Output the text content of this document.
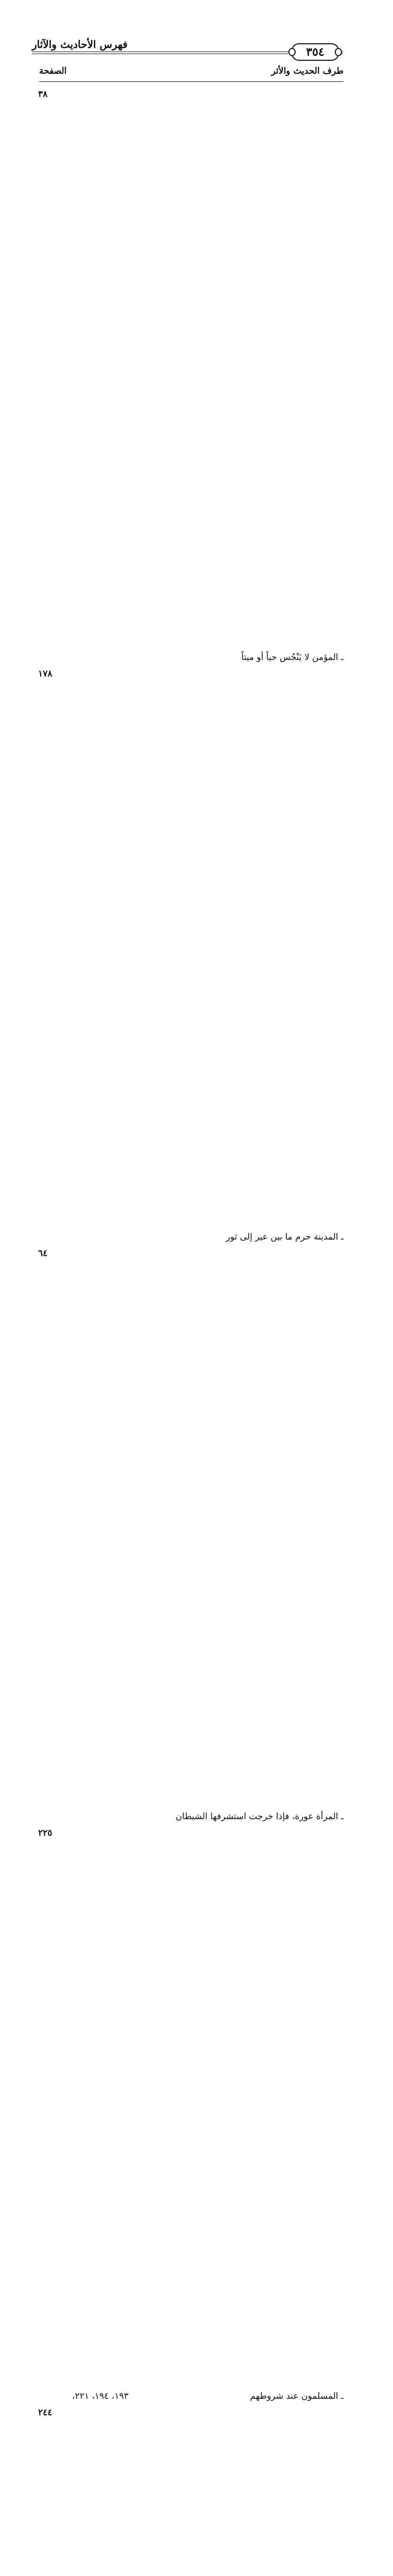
فهرس الأحاديث والآثار
٣٥٤
طرف الحديث والأثر
الصفحة
ـ المؤمن لا يَنْجُس حياً أو ميتاً
٣٨
ـ المدينة حرم ما بين عير إلى ثور
١٧٨
ـ المرأة عورة، فإذا خرجت استشرفها الشيطان
٦٤
ـ المسلمون عند شروطهم
١٩٣، ١٩٤، ٢٢١،
٢٢٥
٢٤٤
